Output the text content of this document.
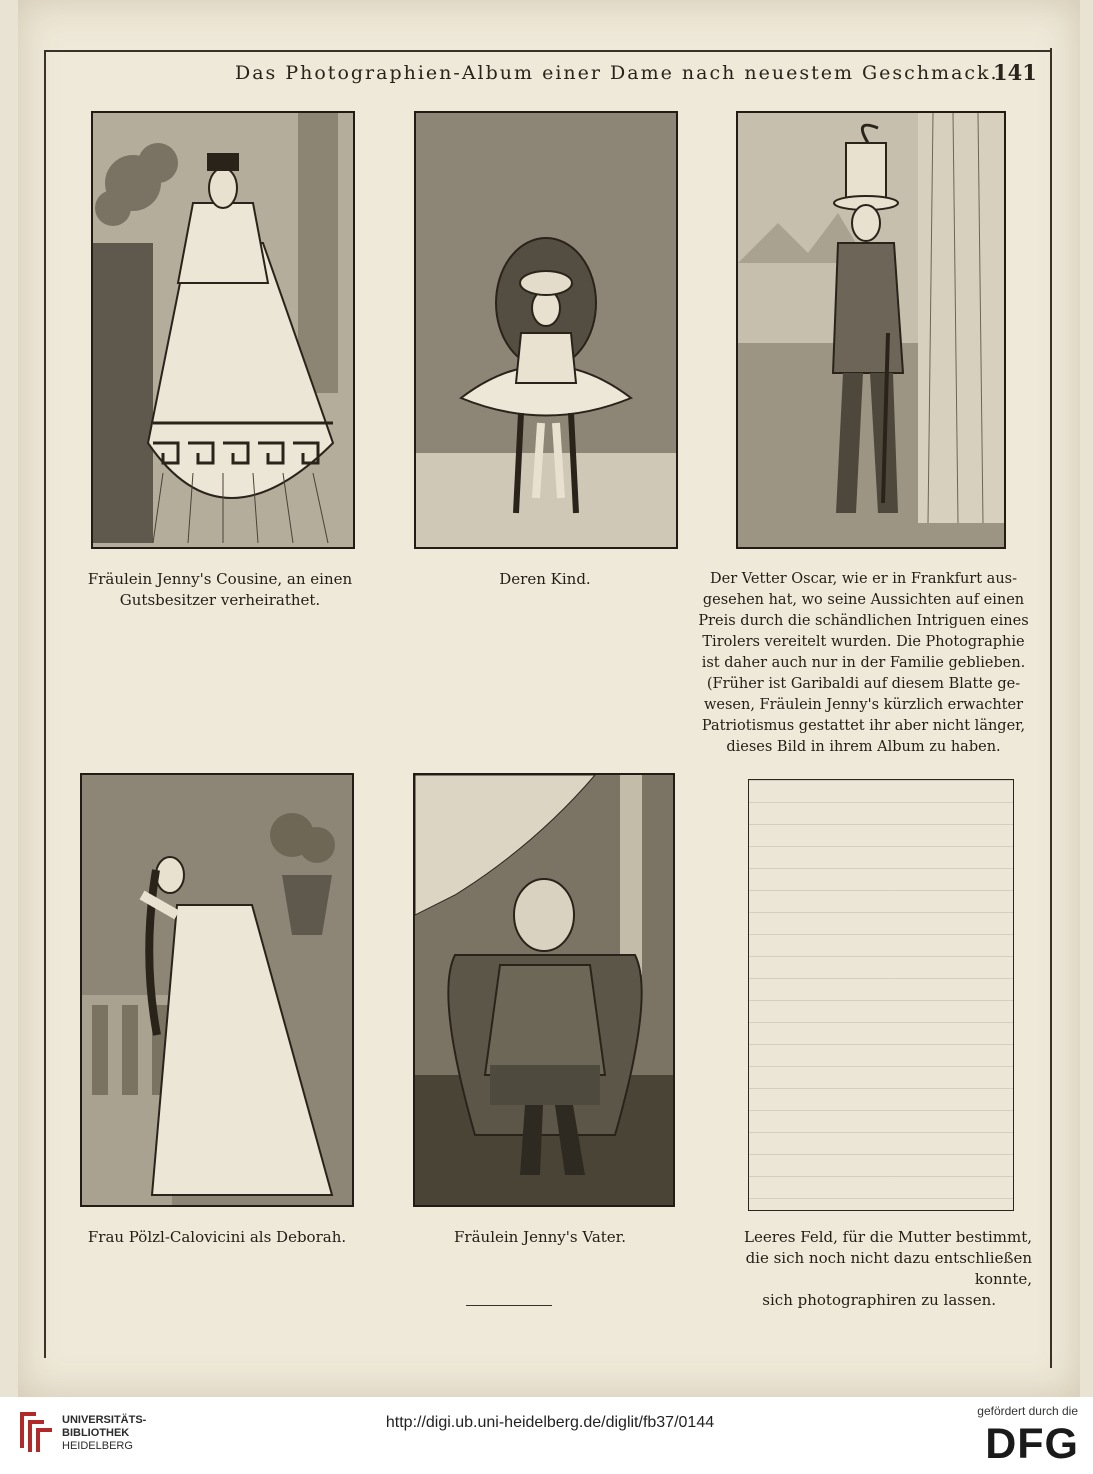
Das Photographien-Album einer Dame nach neuestem Geschmack.
141
Fräulein Jenny's Cousine, an einen
Gutsbesitzer verheirathet.
Deren Kind.	Der Vetter Oscar, wie er in Frankfurt aus-
gesehen hat, wo seine Aussichten auf einen
Preis durch die schändlichen Intriguen eines
Tirolers vereitelt wurden. Die Photographie
ist daher auch nur in der Familie geblieben.
(Früher ist Garibaldi auf diesem Blatte ge-
wesen, Fräulein Jenny's kürzlich erwachter
Patriotismus gestattet ihr aber nicht länger,
dieses Bild in ihrem Album zu haben.
Frau Pölzl-Calovicini als Deborah.	Fräulein Jenny's Vater.	Leeres Feld, für die Mutter bestimmt,
die sich noch nicht dazu entschließen konnte,
sich photographiren zu lassen.
UNIVERSITÄTS-
BIBLIOTHEK
HEIDELBERG
http://digi.ub.uni-heidelberg.de/diglit/fb37/0144
gefördert durch die
DFG
